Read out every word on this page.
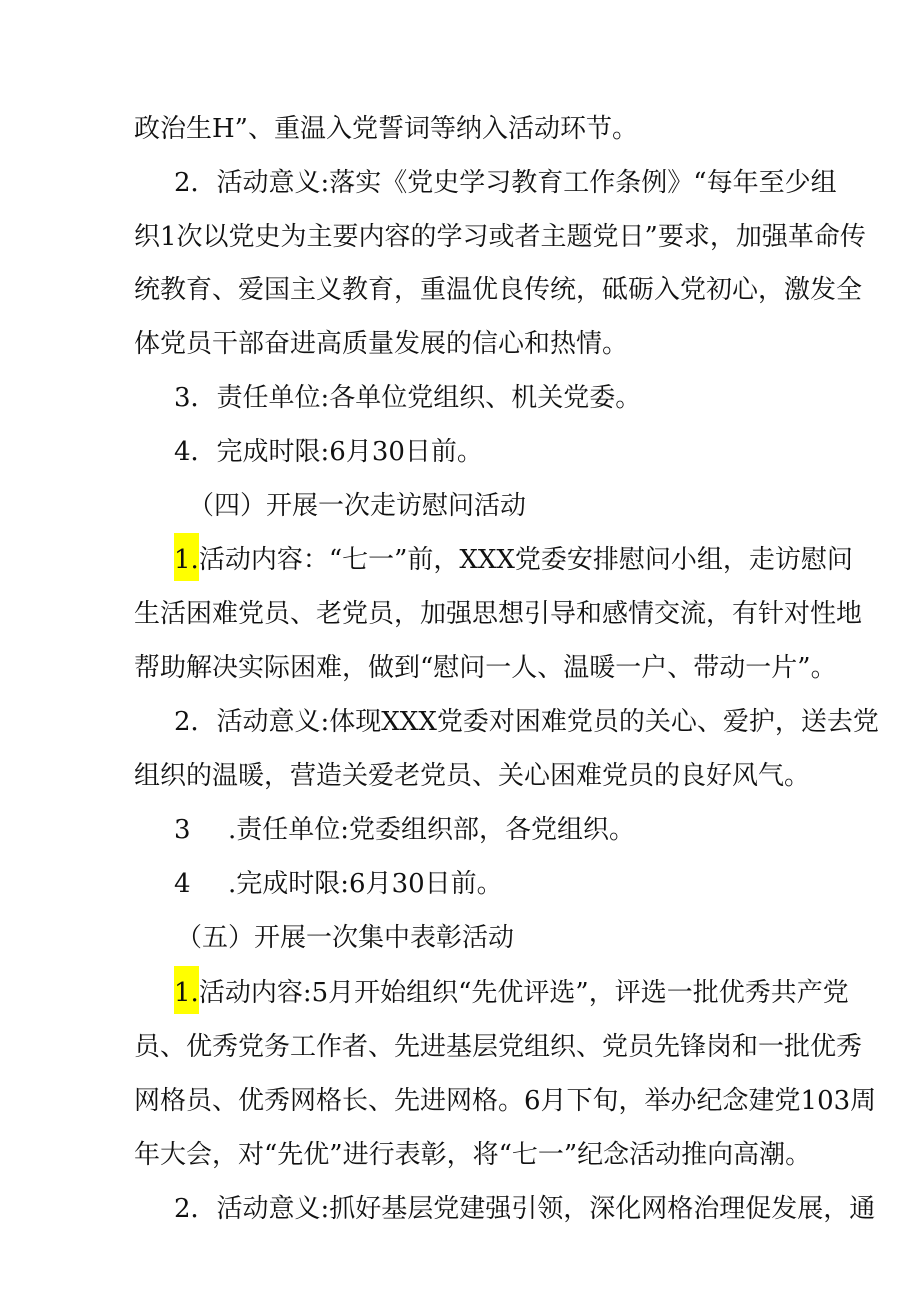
政治生H”、重温入党誓词等纳入活动环节。
2．活动意义:落实《党史学习教育工作条例》“每年至少组
织1次以党史为主要内容的学习或者主题党日”要求，加强革命传
统教育、爱国主义教育，重温优良传统，砥砺入党初心，激发全
体党员干部奋进高质量发展的信心和热情。
3．责任单位:各单位党组织、机关党委。
4．完成时限:6月30日前。
（四）开展一次走访慰问活动
1.活动内容：“七一”前，XXX党委安排慰问小组，走访慰问
生活困难党员、老党员，加强思想引导和感情交流，有针对性地
帮助解决实际困难，做到“慰问一人、温暖一户、带动一片”。
2．活动意义:体现XXX党委对困难党员的关心、爱护，送去党
组织的温暖，营造关爱老党员、关心困难党员的良好风气。
3 .责任单位:党委组织部，各党组织。
4 .完成时限:6月30日前。
（五）开展一次集中表彰活动
1.活动内容:5月开始组织“先优评选”，评选一批优秀共产党
员、优秀党务工作者、先进基层党组织、党员先锋岗和一批优秀
网格员、优秀网格长、先进网格。6月下旬，举办纪念建党103周
年大会，对“先优”进行表彰，将“七一”纪念活动推向高潮。
2．活动意义:抓好基层党建强引领，深化网格治理促发展，通
